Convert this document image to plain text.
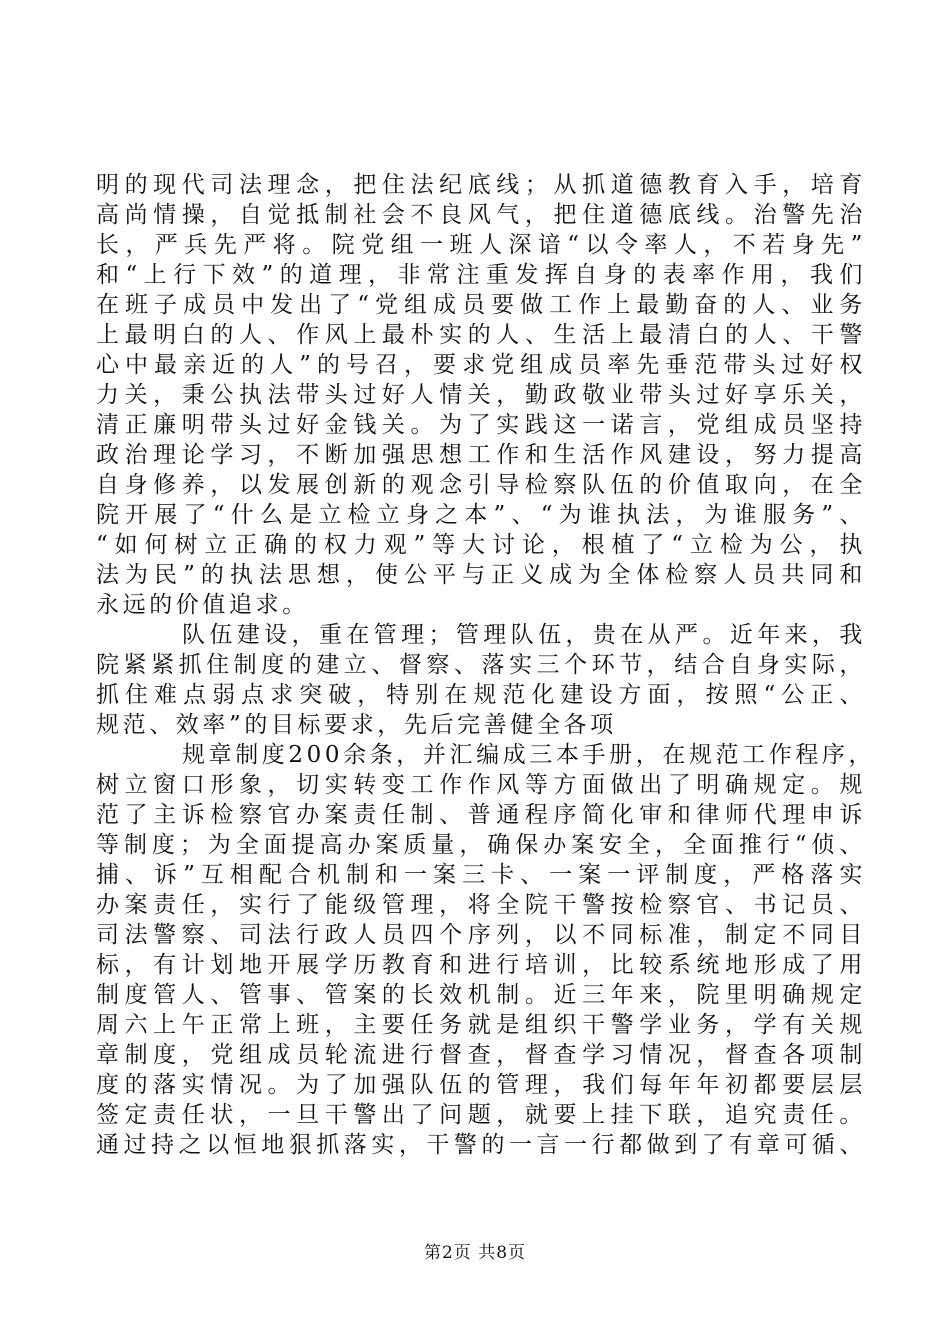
明的现代司法理念，把住法纪底线；从抓道德教育入手，培育
高尚情操，自觉抵制社会不良风气，把住道德底线。治警先治
长，严兵先严将。院党组一班人深谙“以令率人，不若身先”
和“上行下效”的道理，非常注重发挥自身的表率作用，我们
在班子成员中发出了“党组成员要做工作上最勤奋的人、业务
上最明白的人、作风上最朴实的人、生活上最清白的人、干警
心中最亲近的人”的号召，要求党组成员率先垂范带头过好权
力关，秉公执法带头过好人情关，勤政敬业带头过好享乐关，
清正廉明带头过好金钱关。为了实践这一诺言，党组成员坚持
政治理论学习，不断加强思想工作和生活作风建设，努力提高
自身修养，以发展创新的观念引导检察队伍的价值取向，在全
院开展了“什么是立检立身之本”、“为谁执法，为谁服务”、
“如何树立正确的权力观”等大讨论，根植了“立检为公，执
法为民”的执法思想，使公平与正义成为全体检察人员共同和
永远的价值追求。
队伍建设，重在管理；管理队伍，贵在从严。近年来，我
院紧紧抓住制度的建立、督察、落实三个环节，结合自身实际，
抓住难点弱点求突破，特别在规范化建设方面，按照“公正、
规范、效率”的目标要求，先后完善健全各项
规章制度200余条，并汇编成三本手册，在规范工作程序，
树立窗口形象，切实转变工作作风等方面做出了明确规定。规
范了主诉检察官办案责任制、普通程序简化审和律师代理申诉
等制度；为全面提高办案质量，确保办案安全，全面推行“侦、
捕、诉”互相配合机制和一案三卡、一案一评制度，严格落实
办案责任，实行了能级管理，将全院干警按检察官、书记员、
司法警察、司法行政人员四个序列，以不同标准，制定不同目
标，有计划地开展学历教育和进行培训，比较系统地形成了用
制度管人、管事、管案的长效机制。近三年来，院里明确规定
周六上午正常上班，主要任务就是组织干警学业务，学有关规
章制度，党组成员轮流进行督查，督查学习情况，督查各项制
度的落实情况。为了加强队伍的管理，我们每年年初都要层层
签定责任状，一旦干警出了问题，就要上挂下联，追究责任。
通过持之以恒地狠抓落实，干警的一言一行都做到了有章可循、
第2页 共8页
